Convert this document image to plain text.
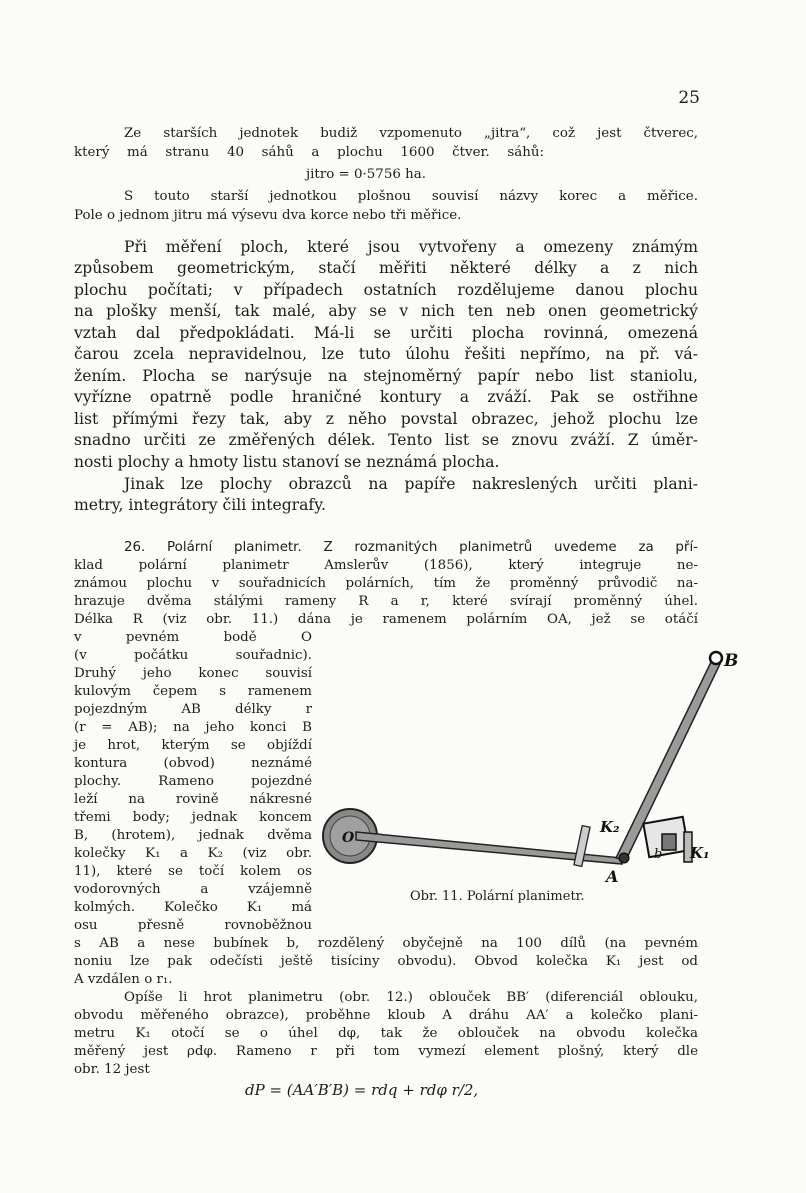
25
Ze starších jednotek budiž vzpomenuto „jitra“, což jest čtverec,
který má stranu 40 sáhů a plochu 1600 čtver. sáhů:
jitro = 0·5756 ha.
S touto starší jednotkou plošnou souvisí názvy korec a měřice.
Pole o jednom jitru má výsevu dva korce nebo tři měřice.
Při měření ploch, které jsou vytvořeny a omezeny známým
způsobem geometrickým, stačí měřiti některé délky a z nich
plochu počítati; v případech ostatních rozdělujeme danou plochu
na plošky menší, tak malé, aby se v nich ten neb onen geometrický
vztah dal předpokládati. Má-li se určiti plocha rovinná, omezená
čarou zcela nepravidelnou, lze tuto úlohu řešiti nepřímo, na př. vá-
žením. Plocha se narýsuje na stejnoměrný papír nebo list staniolu,
vyřízne opatrně podle hraničné kontury a zváží. Pak se ostřihne
list přímými řezy tak, aby z něho povstal obrazec, jehož plochu lze
snadno určiti ze změřených délek. Tento list se znovu zváží. Z úměr-
nosti plochy a hmoty listu stanoví se neznámá plocha.
Jinak lze plochy obrazců na papíře nakreslených určiti plani-
metry, integrátory čili integrafy.
26. Polární planimetr. Z rozmanitých planimetrů uvedeme za pří-
klad polární planimetr Amslerův (1856), který integruje ne-
známou plochu v souřadnicích polárních, tím že proměnný průvodič na-
hrazuje dvěma stálými rameny R a r, které svírají proměnný úhel.
Délka R (viz obr. 11.) dána je ramenem polárním OA, jež se otáčí
v pevném bodě O
(v počátku souřadnic).
Druhý jeho konec souvisí
kulovým čepem s ramenem
pojezdným AB délky r
(r = AB); na jeho konci B
je hrot, kterým se objíždí
kontura (obvod) neznámé
plochy. Rameno pojezdné
leží na rovině nákresné
třemi body; jednak koncem
B, (hrotem), jednak dvěma
kolečky K₁ a K₂ (viz obr.
11), které se točí kolem os
vodorovných a vzájemně
kolmých. Kolečko K₁ má
osu přesně rovnoběžnou
s AB a nese bubínek b, rozdělený obyčejně na 100 dílů (na pevném
noniu lze pak odečísti ještě tisíciny obvodu). Obvod kolečka K₁ jest od
A vzdálen o r₁.
Opíše li hrot planimetru (obr. 12.) oblouček BB′ (diferenciál oblouku,
obvodu měřeného obrazce), proběhne kloub A dráhu AA′ a kolečko plani-
metru K₁ otočí se o úhel dφ, tak že oblouček na obvodu kolečka
měřený jest ρdφ. Rameno r při tom vymezí element plošný, který dle
obr. 12 jest
dP = (AA′B′B) = rdq + rdφ r/2,
B
K₂
b K₁
A
O
Obr. 11. Polární planimetr.
